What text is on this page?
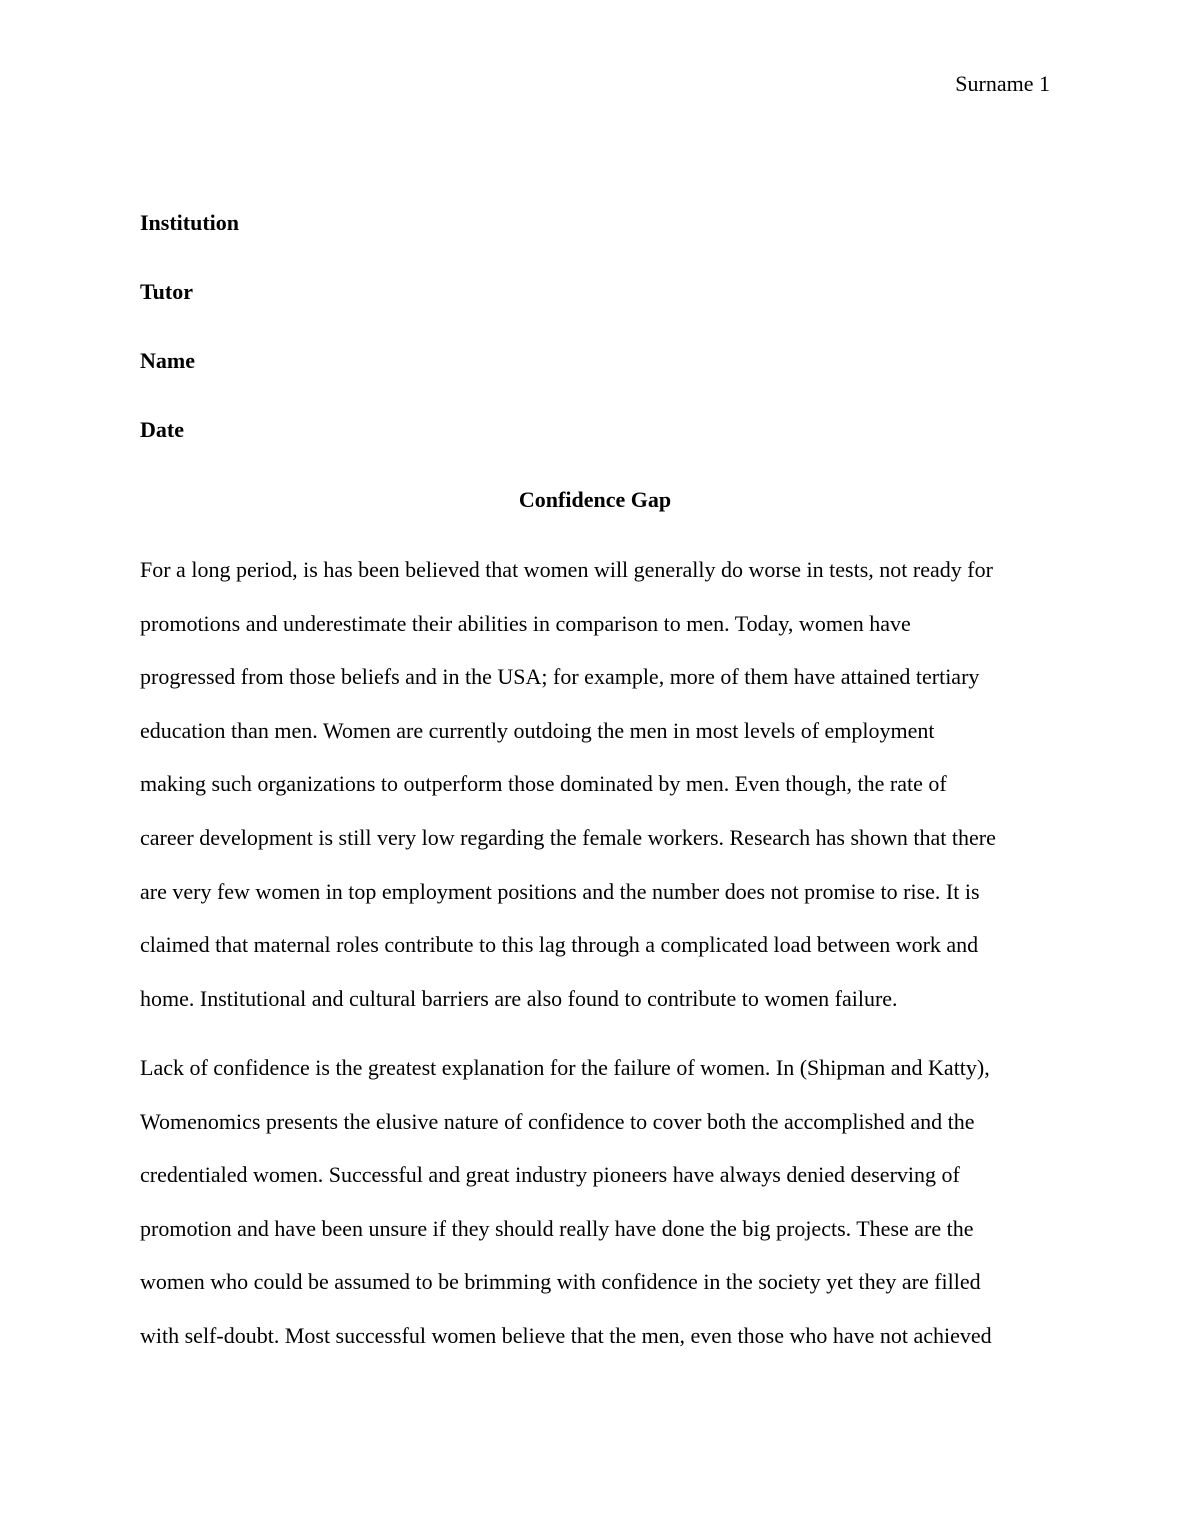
Surname 1
Institution
Tutor
Name
Date
Confidence Gap
For a long period, is has been believed that women will generally do worse in tests, not ready for
promotions and underestimate their abilities in comparison to men. Today, women have
progressed from those beliefs and in the USA; for example, more of them have attained tertiary
education than men. Women are currently outdoing the men in most levels of employment
making such organizations to outperform those dominated by men. Even though, the rate of
career development is still very low regarding the female workers. Research has shown that there
are very few women in top employment positions and the number does not promise to rise. It is
claimed that maternal roles contribute to this lag through a complicated load between work and
home. Institutional and cultural barriers are also found to contribute to women failure.
Lack of confidence is the greatest explanation for the failure of women. In (Shipman and Katty),
Womenomics presents the elusive nature of confidence to cover both the accomplished and the
credentialed women. Successful and great industry pioneers have always denied deserving of
promotion and have been unsure if they should really have done the big projects. These are the
women who could be assumed to be brimming with confidence in the society yet they are filled
with self-doubt. Most successful women believe that the men, even those who have not achieved
